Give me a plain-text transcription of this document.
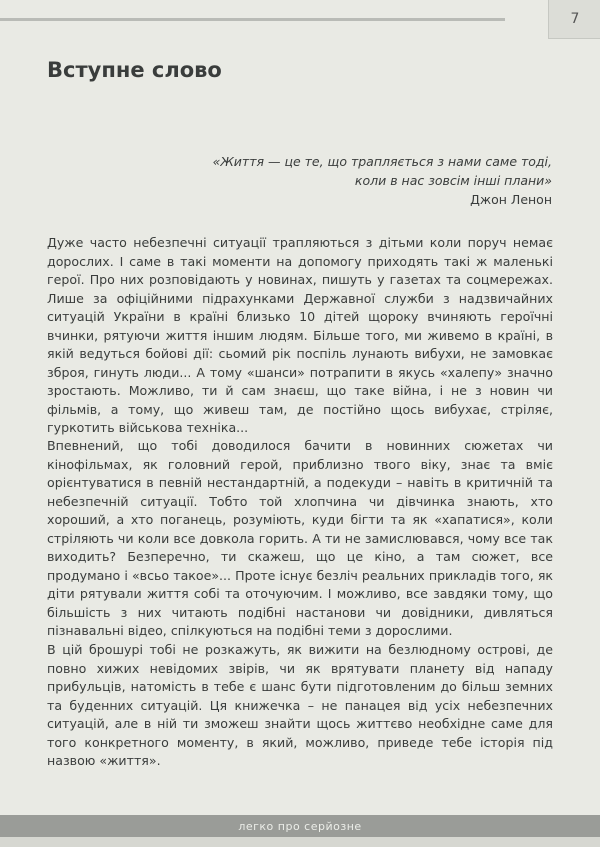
7
Вступне слово
«Життя — це те, що трапляється з нами саме тоді,
коли в нас зовсім інші плани»
Джон Ленон

Дуже часто небезпечні ситуації трапляються з дітьми коли поруч немає дорослих. І саме в такі моменти на допомогу приходять такі ж маленькі герої. Про них розповідають у новинах, пишуть у газетах та соцмережах. Лише за офіційними підрахунками Державної служби з надзвичайних ситуацій України в країні близько 10 дітей щороку вчиняють героїчні вчинки, рятуючи життя іншим людям. Більше того, ми живемо в країні, в якій ведуться бойові дії: сьомий рік поспіль лунають вибухи, не замовкає зброя, гинуть люди... А тому «шанси» потрапити в якусь «халепу» значно зростають. Можливо, ти й сам знаєш, що таке війна, і не з новин чи фільмів, а тому, що живеш там, де постійно щось вибухає, стріляє, гуркотить військова техніка...

Впевнений, що тобі доводилося бачити в новинних сюжетах чи кінофільмах, як головний герой, приблизно твого віку, знає та вміє орієнтуватися в певній нестандартній, а подекуди – навіть в критичній та небезпечній ситуації. Тобто той хлопчина чи дівчинка знають, хто хороший, а хто поганець, розуміють, куди бігти та як «хапатися», коли стріляють чи коли все довкола горить. А ти не замислювався, чому все так виходить? Безперечно, ти скажеш, що це кіно, а там сюжет, все продумано і «всьо такое»... Проте існує безліч реальних прикладів того, як діти рятували життя собі та оточуючим. І можливо, все завдяки тому, що більшість з них читають подібні настанови чи довідники, дивляться пізнавальні відео, спілкуються на подібні теми з дорослими.

В цій брошурі тобі не розкажуть, як вижити на безлюдному острові, де повно хижих невідомих звірів, чи як врятувати планету від нападу прибульців, натомість в тебе є шанс бути підготовленим до більш земних та буденних ситуацій. Ця книжечка – не панацея від усіх небезпечних ситуацій, але в ній ти зможеш знайти щось життєво необхідне саме для того конкретного моменту, в який, можливо, приведе тебе історія під назвою «життя».

легко про серйозне
